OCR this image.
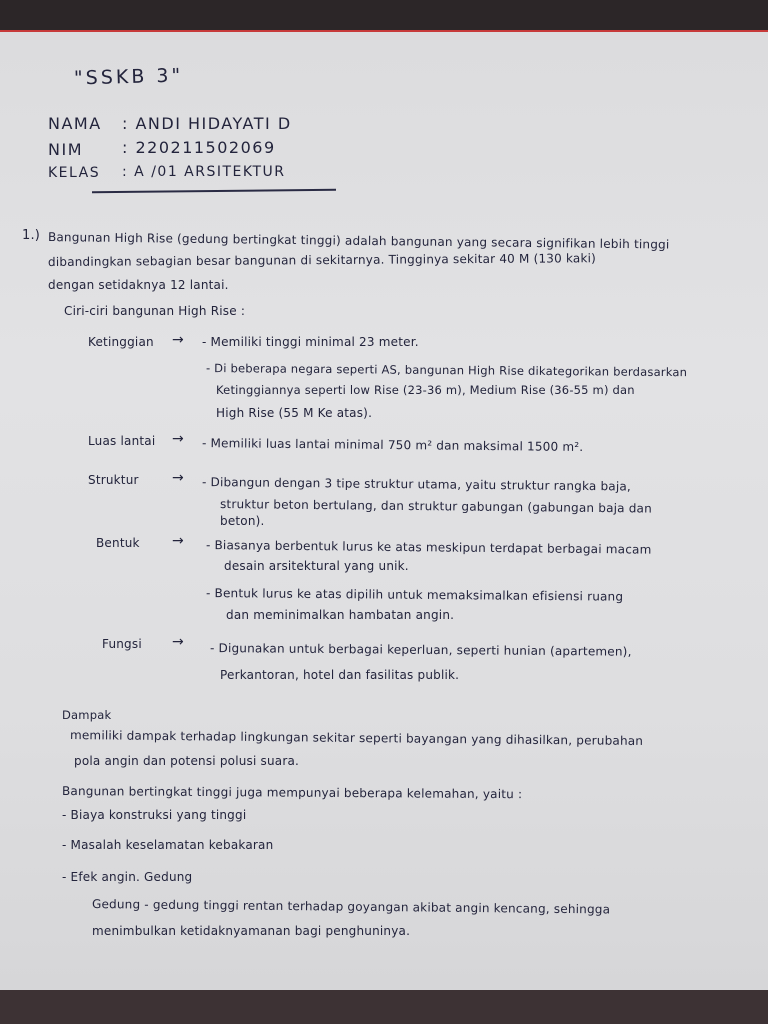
"SSKB 3"
NAMA : ANDI HIDAYATI D
NIM : 220211502069
KELAS : A /01 ARSITEKTUR
1.) Bangunan High Rise (gedung bertingkat tinggi) adalah bangunan yang secara signifikan lebih tinggi
dibandingkan sebagian besar bangunan di sekitarnya. Tingginya sekitar 40 M (130 kaki)
dengan setidaknya 12 lantai.
Ciri-ciri bangunan High Rise :
Ketinggian → - Memiliki tinggi minimal 23 meter.
- Di beberapa negara seperti AS, bangunan High Rise dikategorikan berdasarkan
Ketinggiannya seperti low Rise (23-36 m), Medium Rise (36-55 m) dan
High Rise (55 M Ke atas).
Luas lantai → - Memiliki luas lantai minimal 750 m² dan maksimal 1500 m².
Struktur → - Dibangun dengan 3 tipe struktur utama, yaitu struktur rangka baja,
struktur beton bertulang, dan struktur gabungan (gabungan baja dan
beton).
Bentuk → - Biasanya berbentuk lurus ke atas meskipun terdapat berbagai macam
desain arsitektural yang unik.
- Bentuk lurus ke atas dipilih untuk memaksimalkan efisiensi ruang
dan meminimalkan hambatan angin.
Fungsi → - Digunakan untuk berbagai keperluan, seperti hunian (apartemen),
Perkantoran, hotel dan fasilitas publik.
Dampak
memiliki dampak terhadap lingkungan sekitar seperti bayangan yang dihasilkan, perubahan
pola angin dan potensi polusi suara.
Bangunan bertingkat tinggi juga mempunyai beberapa kelemahan, yaitu :
- Biaya konstruksi yang tinggi
- Masalah keselamatan kebakaran
- Efek angin. Gedung
Gedung - gedung tinggi rentan terhadap goyangan akibat angin kencang, sehingga
menimbulkan ketidaknyamanan bagi penghuninya.
